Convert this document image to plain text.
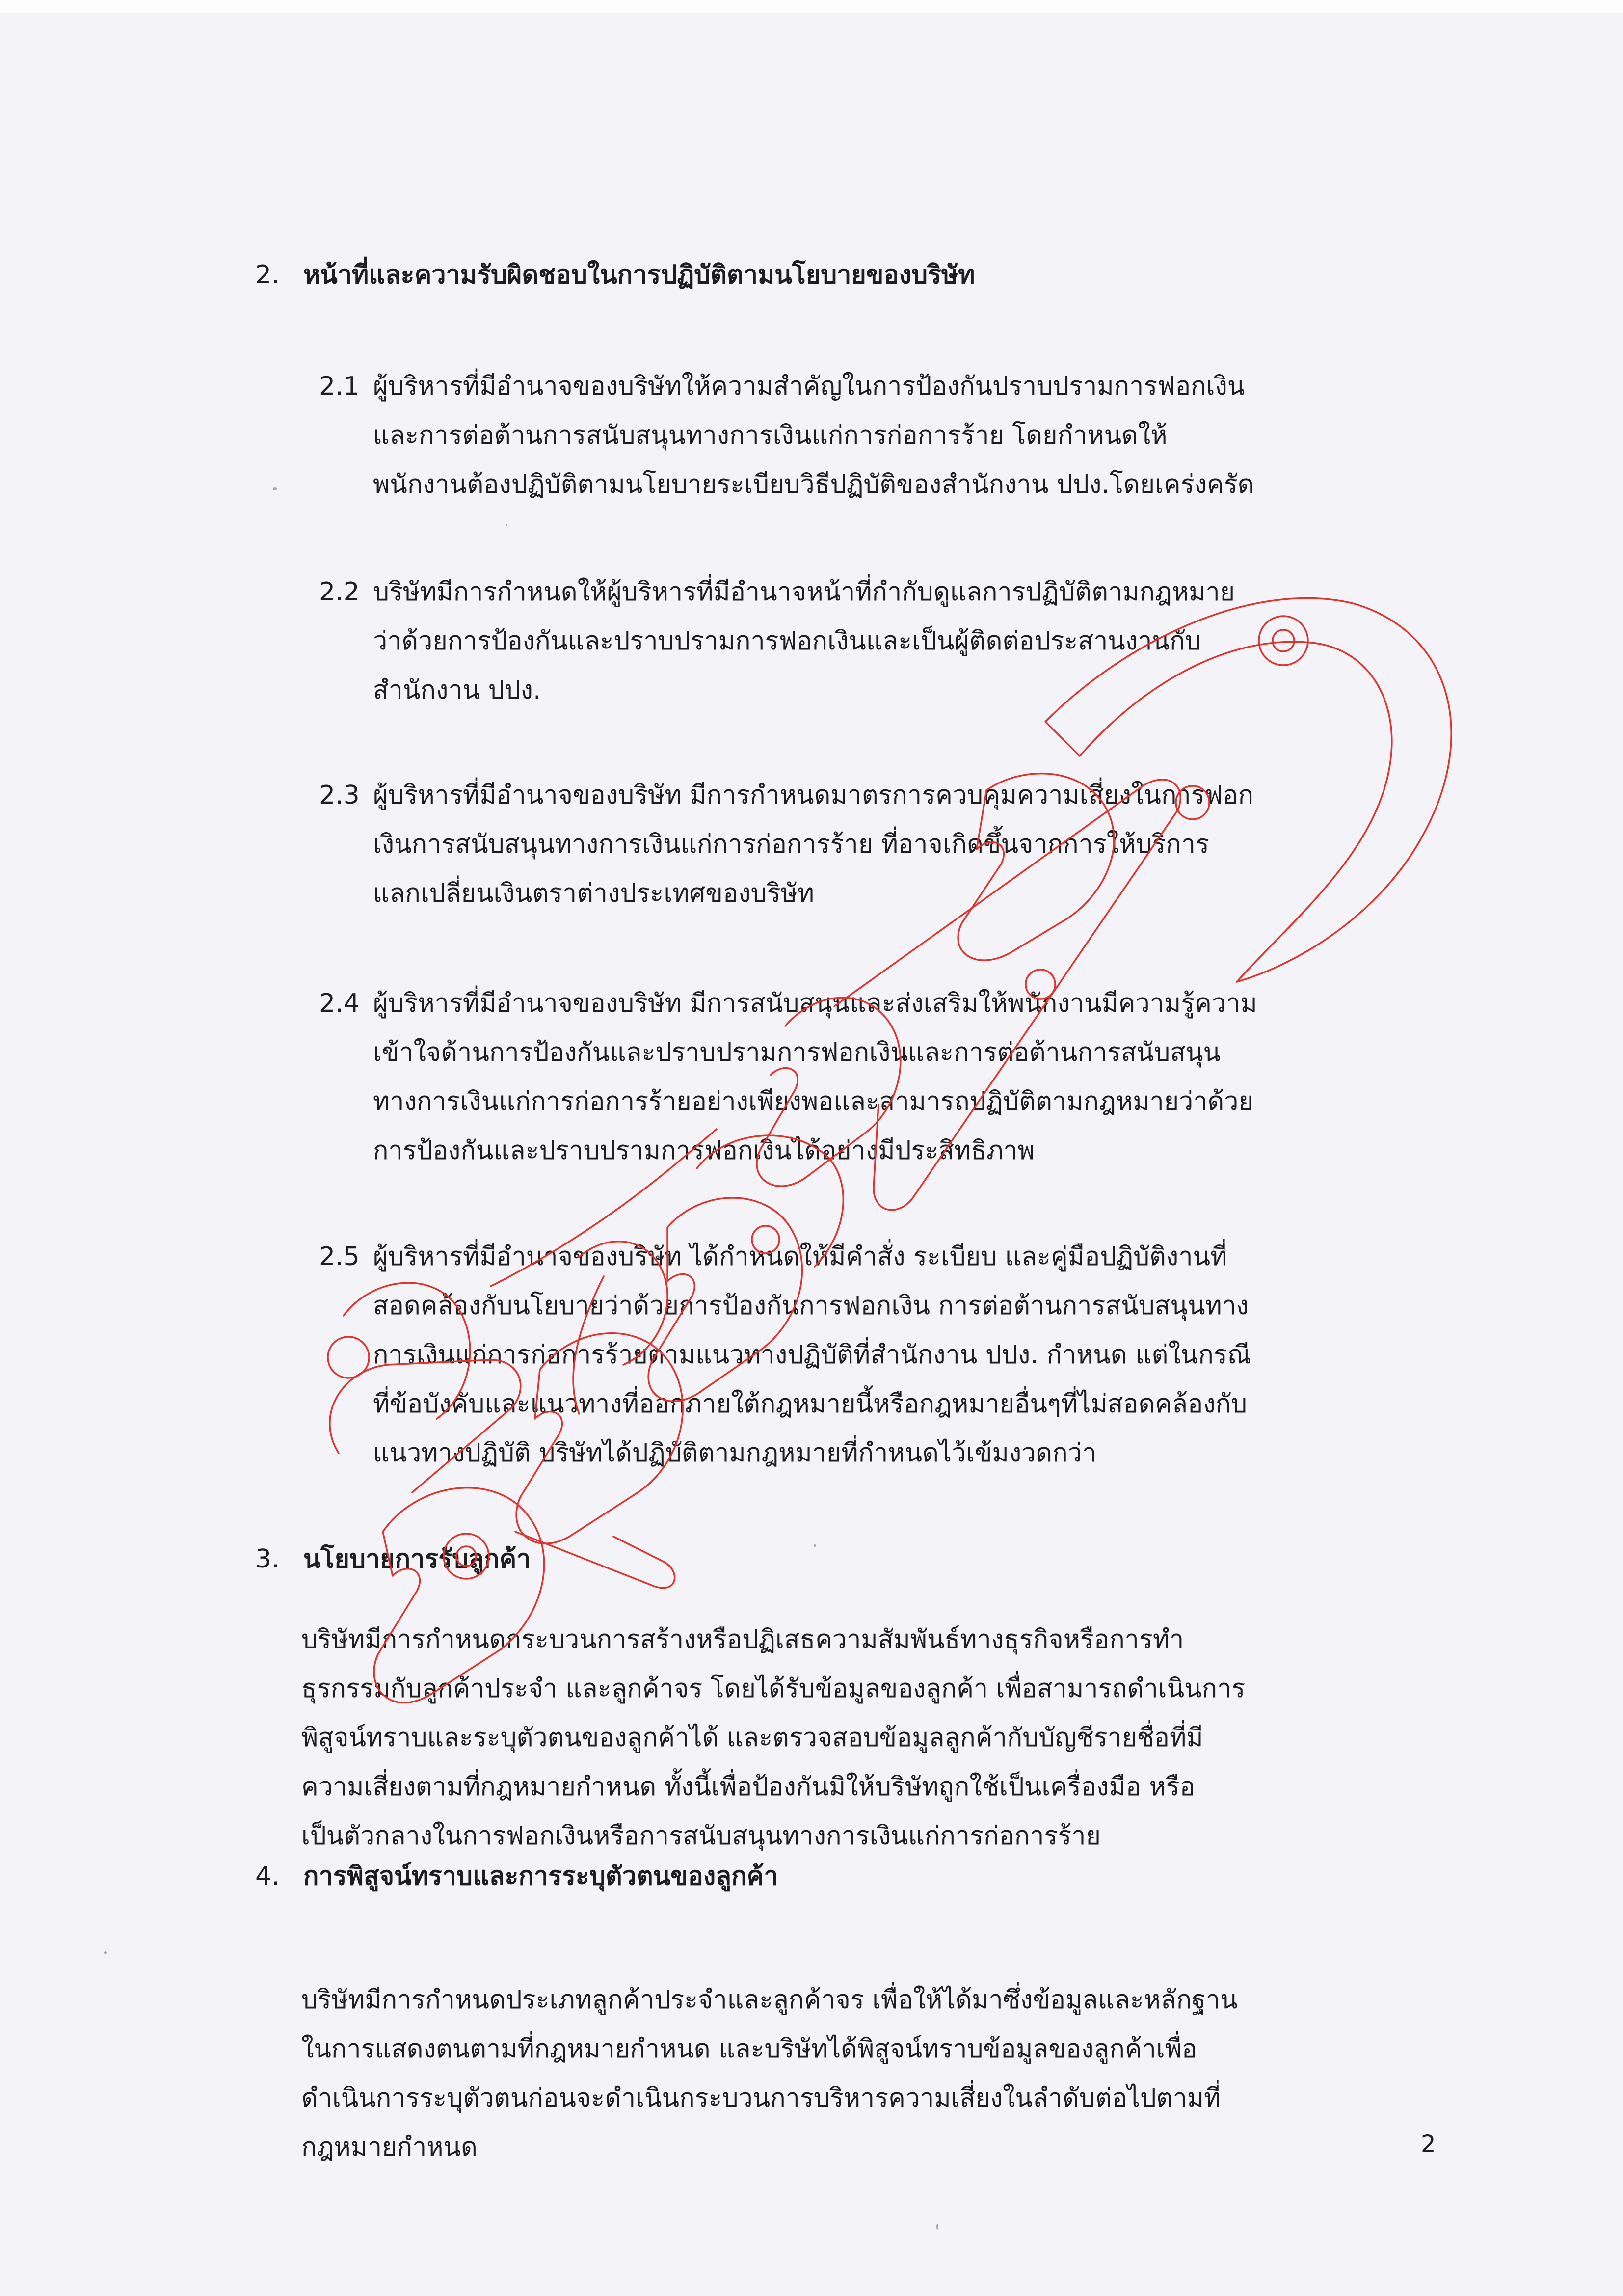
2. หน้าที่และความรับผิดชอบในการปฏิบัติตามนโยบายของบริษัท
2.1 ผู้บริหารที่มีอำนาจของบริษัทให้ความสำคัญในการป้องกันปราบปรามการฟอกเงิน
และการต่อต้านการสนับสนุนทางการเงินแก่การก่อการร้าย โดยกำหนดให้
พนักงานต้องปฏิบัติตามนโยบายระเบียบวิธีปฏิบัติของสำนักงาน ปปง.โดยเคร่งครัด
2.2 บริษัทมีการกำหนดให้ผู้บริหารที่มีอำนาจหน้าที่กำกับดูแลการปฏิบัติตามกฎหมาย
ว่าด้วยการป้องกันและปราบปรามการฟอกเงินและเป็นผู้ติดต่อประสานงานกับ
สำนักงาน ปปง.
2.3 ผู้บริหารที่มีอำนาจของบริษัท มีการกำหนดมาตรการควบคุมความเสี่ยงในการฟอก
เงินการสนับสนุนทางการเงินแก่การก่อการร้าย ที่อาจเกิดขึ้นจากการให้บริการ
แลกเปลี่ยนเงินตราต่างประเทศของบริษัท
2.4 ผู้บริหารที่มีอำนาจของบริษัท มีการสนับสนุนและส่งเสริมให้พนักงานมีความรู้ความ
เข้าใจด้านการป้องกันและปราบปรามการฟอกเงินและการต่อต้านการสนับสนุน
ทางการเงินแก่การก่อการร้ายอย่างเพียงพอและสามารถปฏิบัติตามกฎหมายว่าด้วย
การป้องกันและปราบปรามการฟอกเงินได้อย่างมีประสิทธิภาพ
2.5 ผู้บริหารที่มีอำนาจของบริษัท ได้กำหนดให้มีคำสั่ง ระเบียบ และคู่มือปฏิบัติงานที่
สอดคล้องกับนโยบายว่าด้วยการป้องกันการฟอกเงิน การต่อต้านการสนับสนุนทาง
การเงินแก่การก่อการร้ายตามแนวทางปฏิบัติที่สำนักงาน ปปง. กำหนด แต่ในกรณี
ที่ข้อบังคับและแนวทางที่ออกภายใต้กฎหมายนี้หรือกฎหมายอื่นๆที่ไม่สอดคล้องกับ
แนวทางปฏิบัติ บริษัทได้ปฏิบัติตามกฎหมายที่กำหนดไว้เข้มงวดกว่า
3. นโยบายการรับลูกค้า
บริษัทมีการกำหนดกระบวนการสร้างหรือปฏิเสธความสัมพันธ์ทางธุรกิจหรือการทำ
ธุรกรรมกับลูกค้าประจำ และลูกค้าจร โดยได้รับข้อมูลของลูกค้า เพื่อสามารถดำเนินการ
พิสูจน์ทราบและระบุตัวตนของลูกค้าได้ และตรวจสอบข้อมูลลูกค้ากับบัญชีรายชื่อที่มี
ความเสี่ยงตามที่กฎหมายกำหนด ทั้งนี้เพื่อป้องกันมิให้บริษัทถูกใช้เป็นเครื่องมือ หรือ
เป็นตัวกลางในการฟอกเงินหรือการสนับสนุนทางการเงินแก่การก่อการร้าย
4. การพิสูจน์ทราบและการระบุตัวตนของลูกค้า
บริษัทมีการกำหนดประเภทลูกค้าประจำและลูกค้าจร เพื่อให้ได้มาซึ่งข้อมูลและหลักฐาน
ในการแสดงตนตามที่กฎหมายกำหนด และบริษัทได้พิสูจน์ทราบข้อมูลของลูกค้าเพื่อ
ดำเนินการระบุตัวตนก่อนจะดำเนินกระบวนการบริหารความเสี่ยงในลำดับต่อไปตามที่
กฎหมายกำหนด	2
